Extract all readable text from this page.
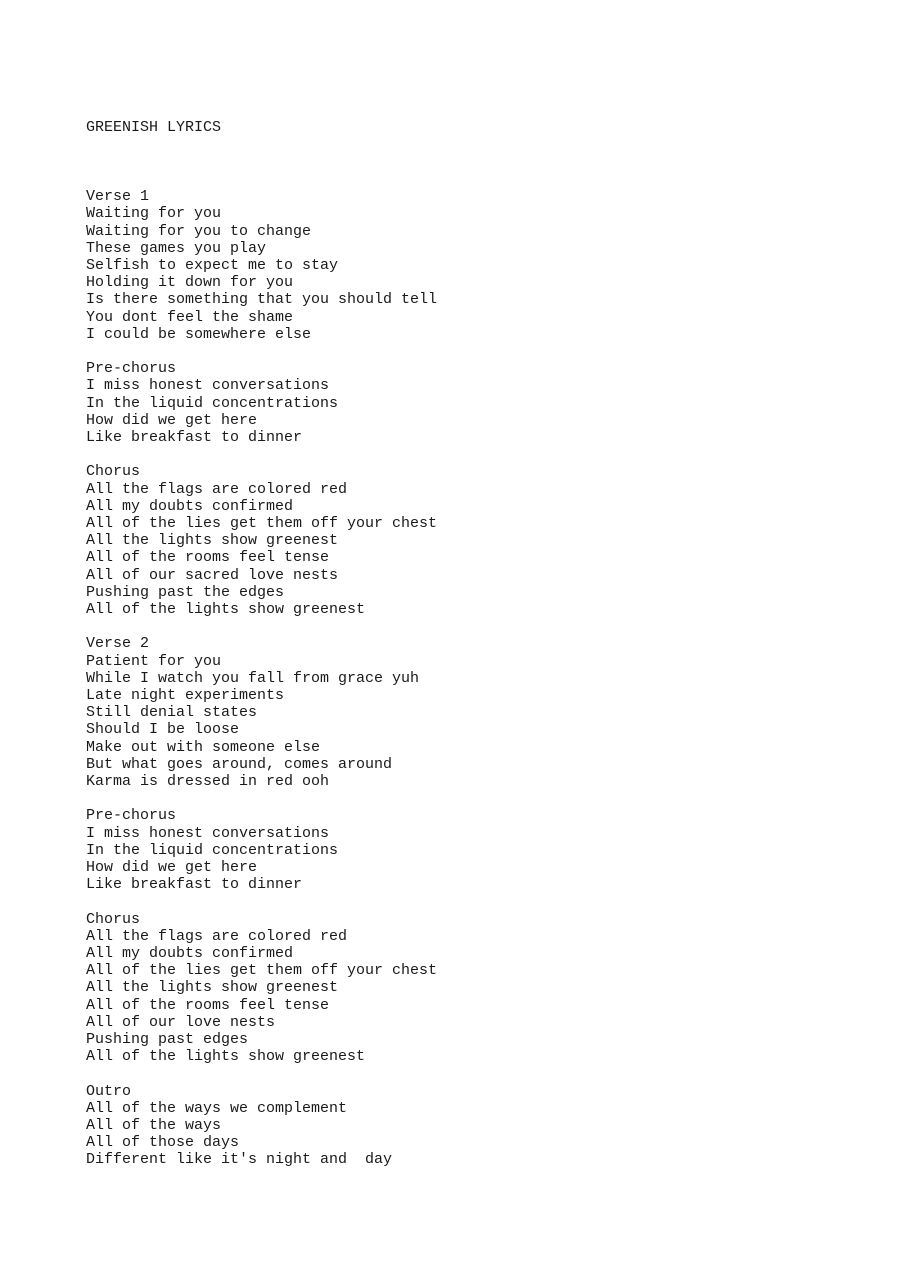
GREENISH LYRICS

Verse 1
Waiting for you
Waiting for you to change
These games you play
Selfish to expect me to stay
Holding it down for you
Is there something that you should tell
You dont feel the shame
I could be somewhere else
Pre-chorus
I miss honest conversations
In the liquid concentrations
How did we get here
Like breakfast to dinner
Chorus
All the flags are colored red
All my doubts confirmed
All of the lies get them off your chest
All the lights show greenest
All of the rooms feel tense
All of our sacred love nests
Pushing past the edges
All of the lights show greenest
Verse 2
Patient for you
While I watch you fall from grace yuh
Late night experiments
Still denial states
Should I be loose
Make out with someone else
But what goes around, comes around
Karma is dressed in red ooh
Pre-chorus
I miss honest conversations
In the liquid concentrations
How did we get here
Like breakfast to dinner
Chorus
All the flags are colored red
All my doubts confirmed
All of the lies get them off your chest
All the lights show greenest
All of the rooms feel tense
All of our love nests
Pushing past edges
All of the lights show greenest
Outro
All of the ways we complement
All of the ways
All of those days
Different like it's night and  day
